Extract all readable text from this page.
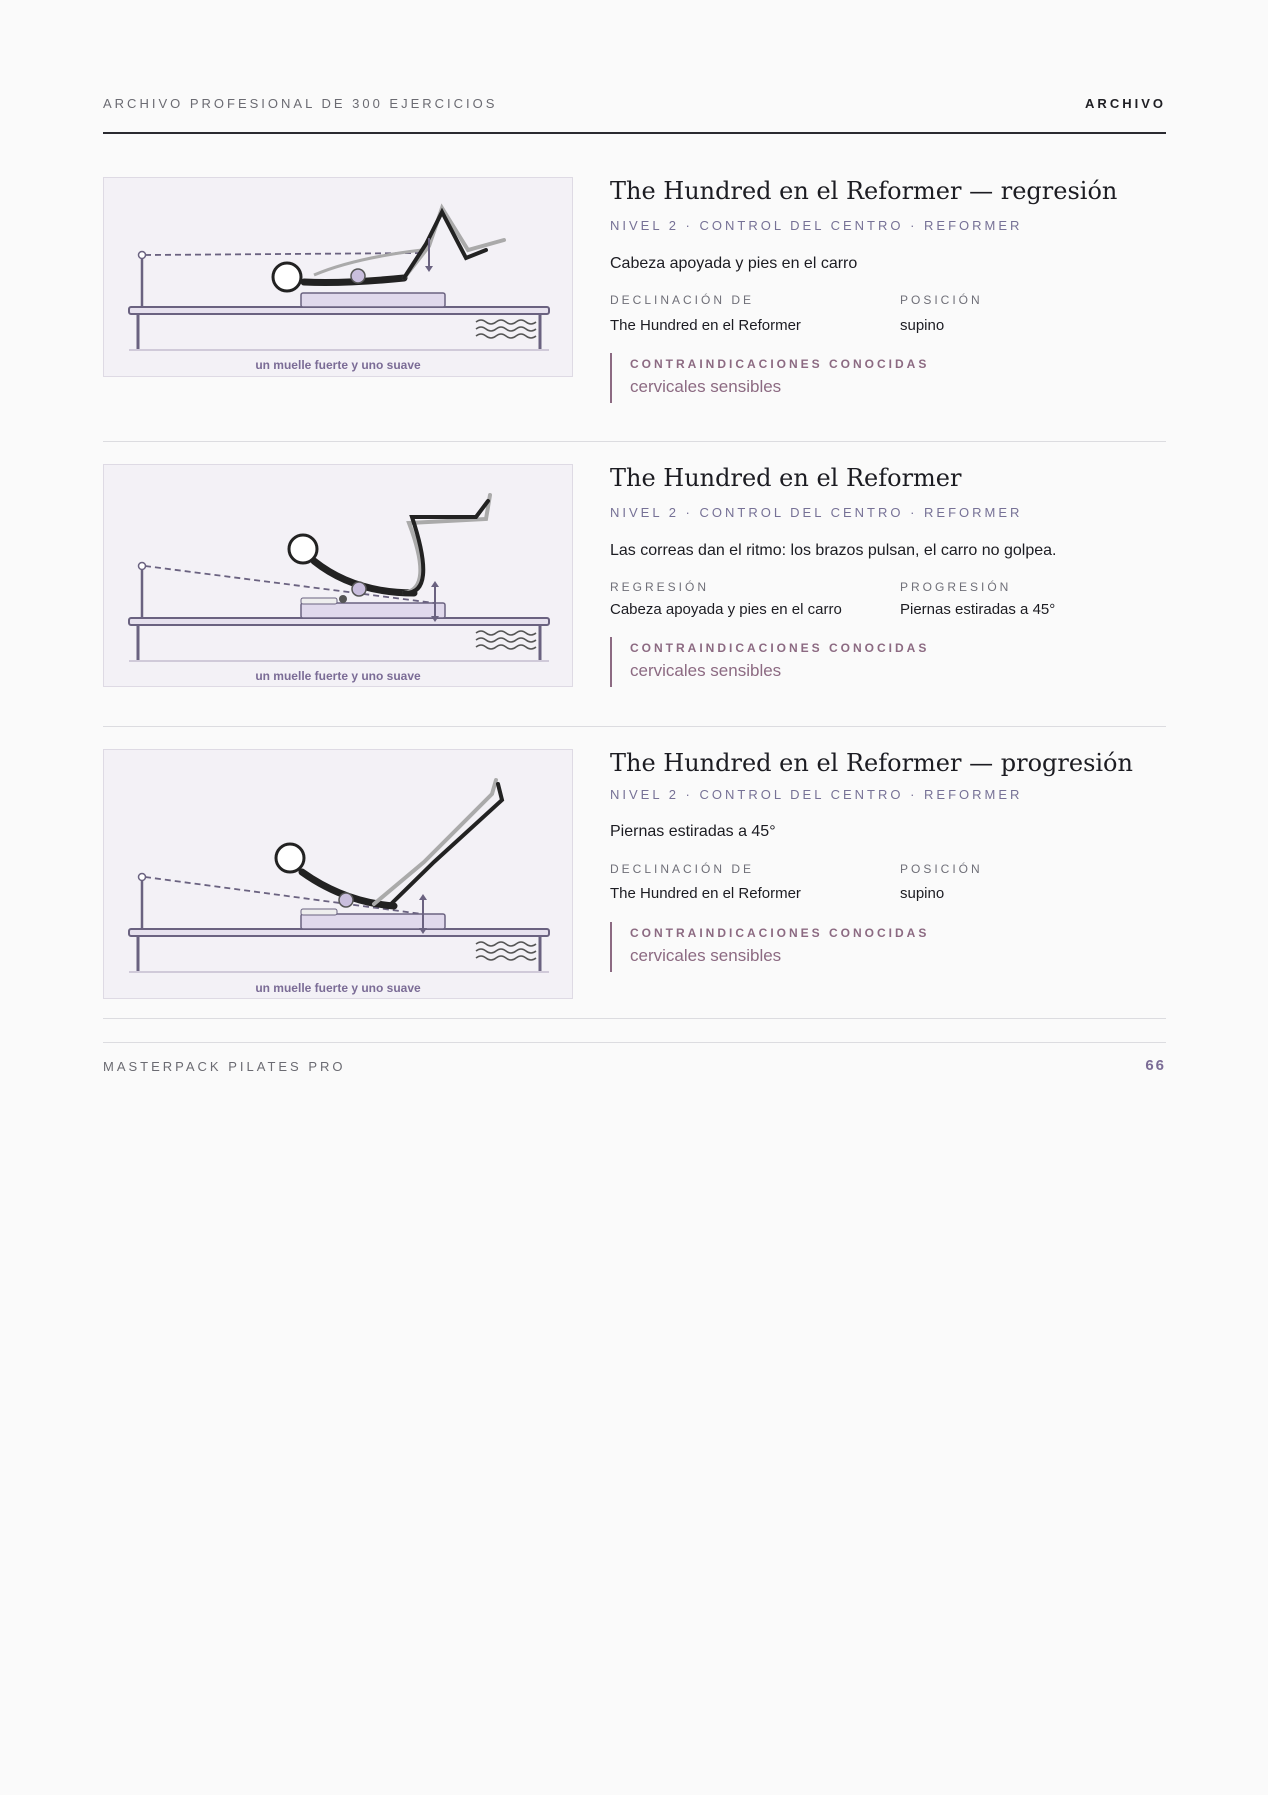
ARCHIVO PROFESIONAL DE 300 EJERCICIOS	ARCHIVO
un muelle fuerte y uno suave
The Hundred en el Reformer — regresión
NIVEL 2 · CONTROL DEL CENTRO · REFORMER
Cabeza apoyada y pies en el carro
DECLINACIÓN DE
The Hundred en el Reformer
POSICIÓN
supino
CONTRAINDICACIONES CONOCIDAS
cervicales sensibles
un muelle fuerte y uno suave
The Hundred en el Reformer
NIVEL 2 · CONTROL DEL CENTRO · REFORMER
Las correas dan el ritmo: los brazos pulsan, el carro no golpea.
REGRESIÓN
Cabeza apoyada y pies en el carro
PROGRESIÓN
Piernas estiradas a 45°
CONTRAINDICACIONES CONOCIDAS
cervicales sensibles
un muelle fuerte y uno suave
The Hundred en el Reformer — progresión
NIVEL 2 · CONTROL DEL CENTRO · REFORMER
Piernas estiradas a 45°
DECLINACIÓN DE
The Hundred en el Reformer
POSICIÓN
supino
CONTRAINDICACIONES CONOCIDAS
cervicales sensibles
MASTERPACK PILATES PRO	66
